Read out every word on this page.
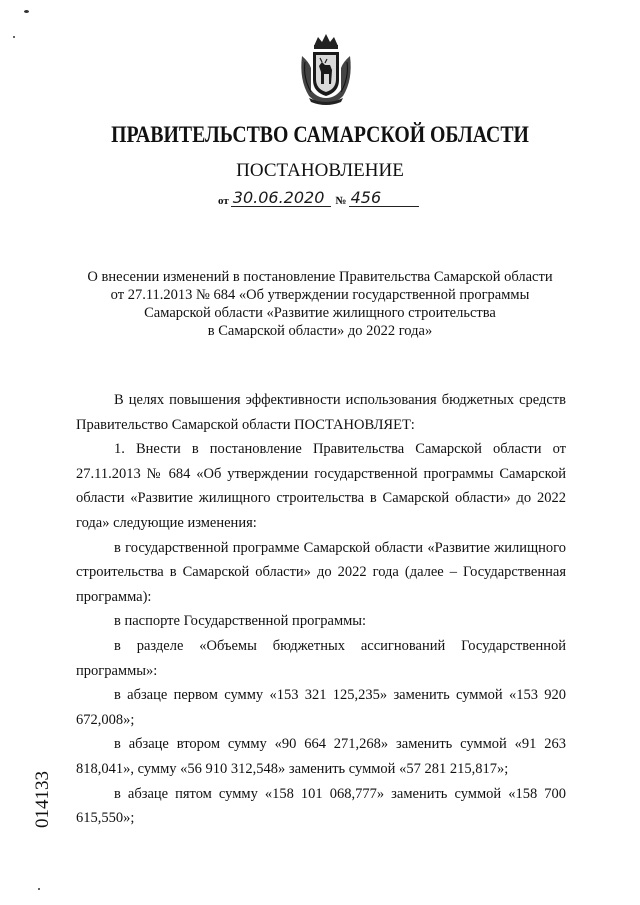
ПРАВИТЕЛЬСТВО САМАРСКОЙ ОБЛАСТИ
ПОСТАНОВЛЕНИЕ
от 30.06.2020 № 456
О внесении изменений в постановление Правительства Самарской области
от 27.11.2013 № 684 «Об утверждении государственной программы
Самарской области «Развитие жилищного строительства
в Самарской области» до 2022 года»

В целях повышения эффективности использования бюджетных средств Правительство Самарской области ПОСТАНОВЛЯЕТ:

1. Внести в постановление Правительства Самарской области от 27.11.2013 № 684 «Об утверждении государственной программы Самарской области «Развитие жилищного строительства в Самарской области» до 2022 года» следующие изменения:

в государственной программе Самарской области «Развитие жилищного строительства в Самарской области» до 2022 года (далее – Государственная программа):

в паспорте Государственной программы:

в разделе «Объемы бюджетных ассигнований Государственной программы»:

в абзаце первом сумму «153 321 125,235» заменить суммой «153 920 672,008»;

в абзаце втором сумму «90 664 271,268» заменить суммой «91 263 818,041», сумму «56 910 312,548» заменить суммой «57 281 215,817»;

в абзаце пятом сумму «158 101 068,777» заменить суммой «158 700 615,550»;

014133
